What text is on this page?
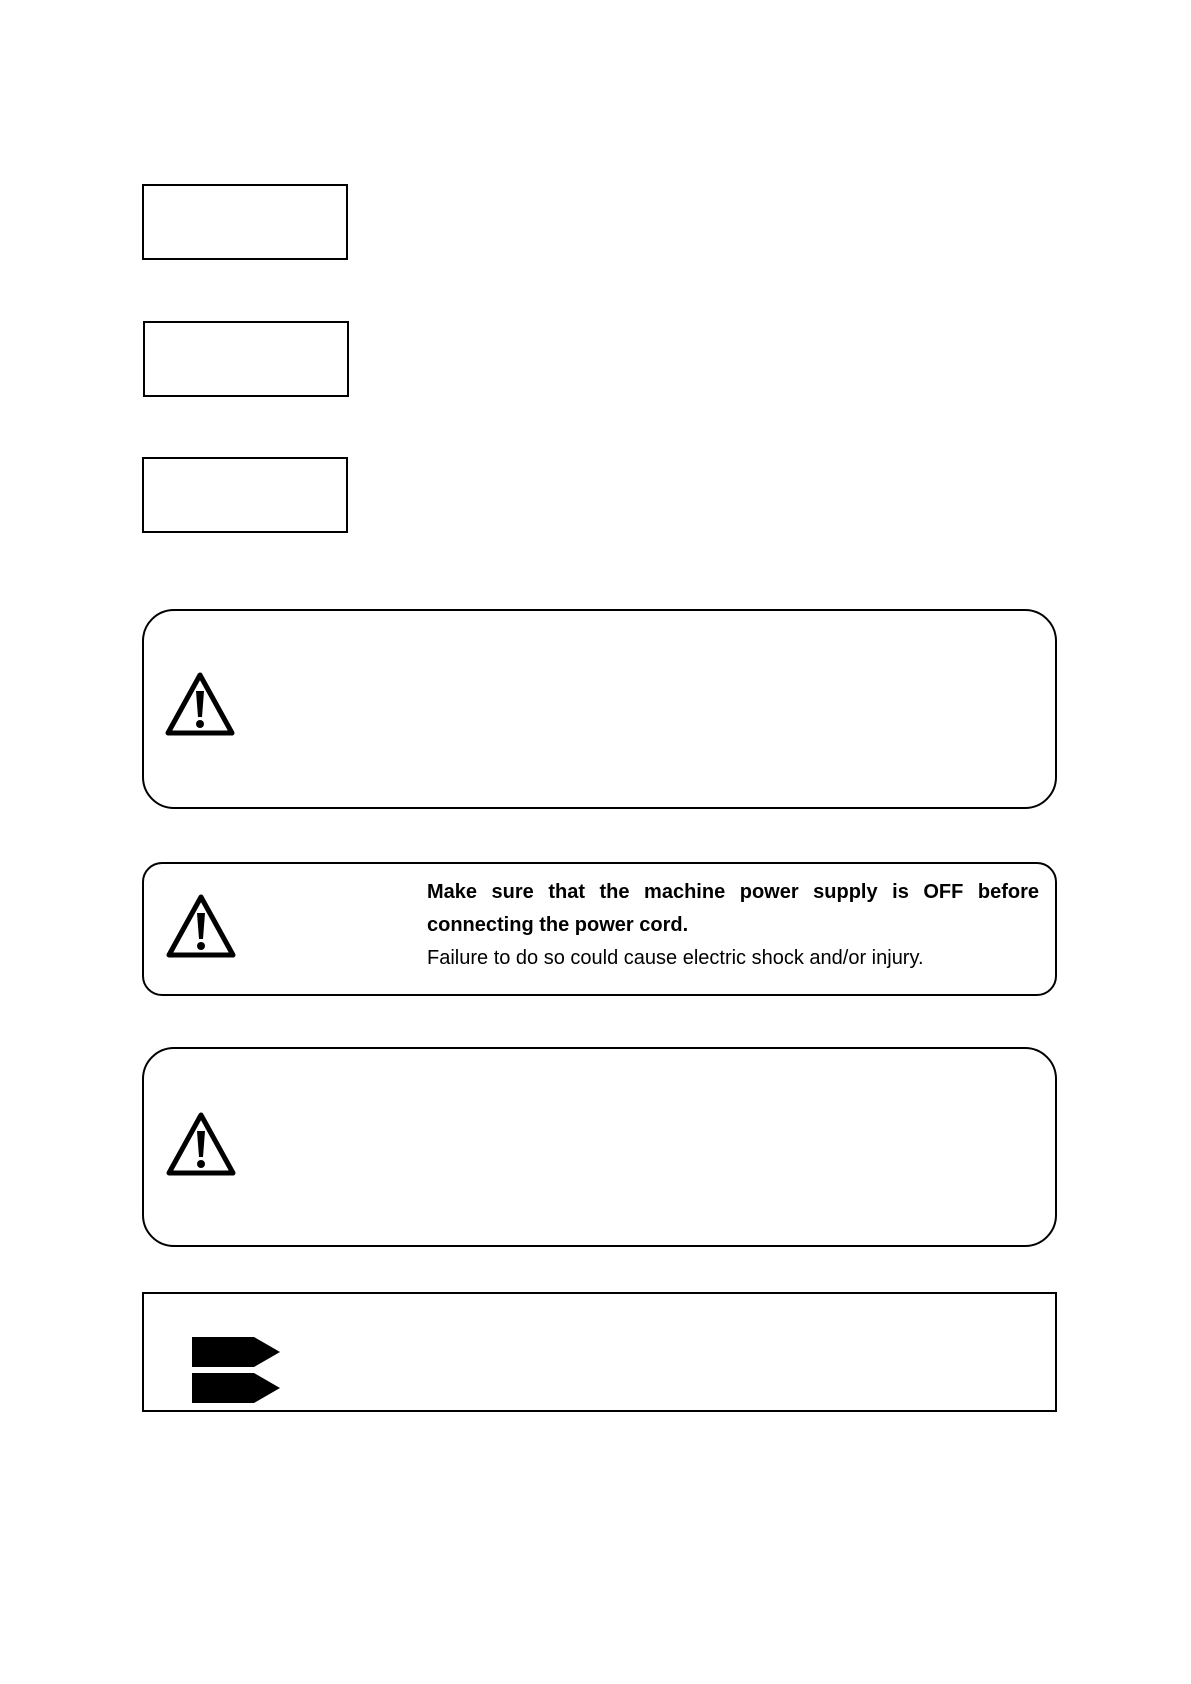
Make sure that the machine power supply is OFF before connecting the power cord.
Failure to do so could cause electric shock and/or injury.
